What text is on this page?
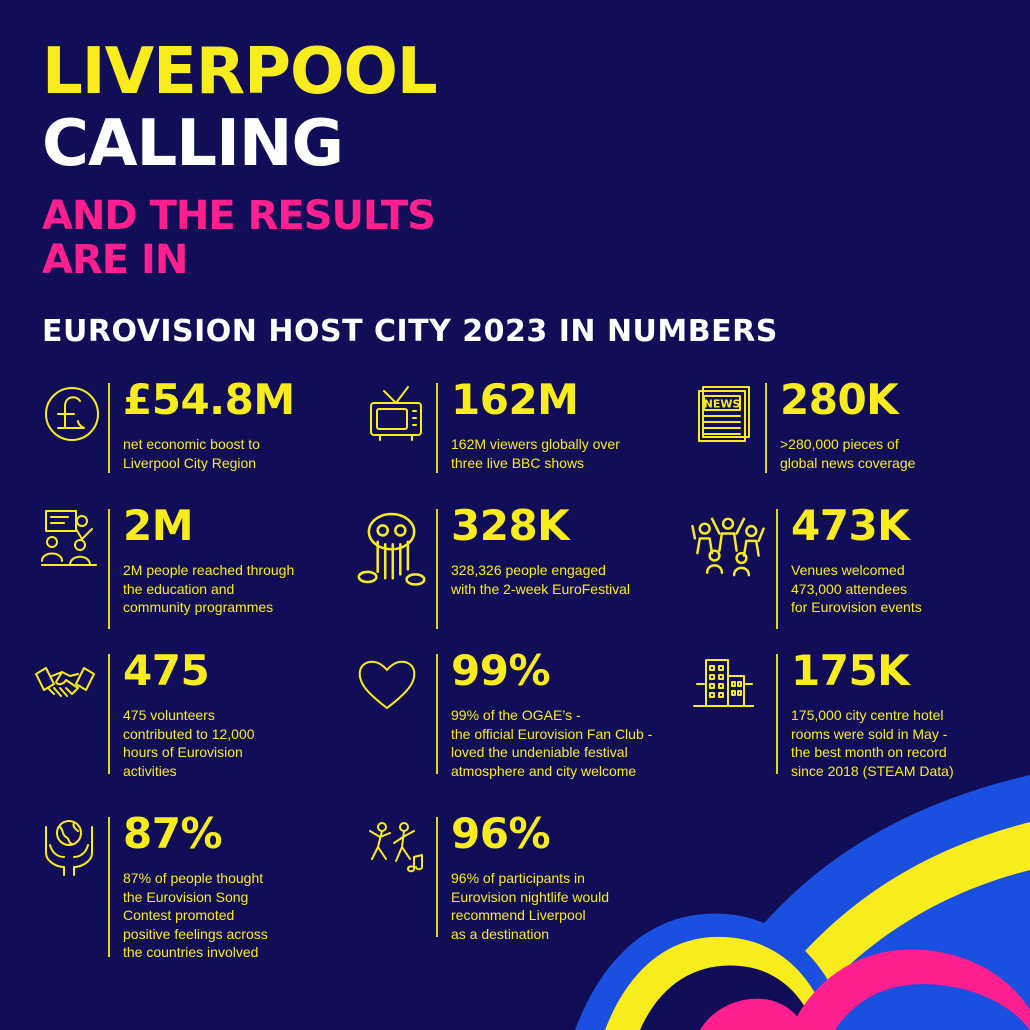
LIVERPOOL
CALLING
AND THE RESULTS
ARE IN
EUROVISION HOST CITY 2023 IN NUMBERS
£54.8M
net economic boost to
Liverpool City Region
162M
162M viewers globally over
three live BBC shows
NEWS 280K
>280,000 pieces of
global news coverage
2M
2M people reached through
the education and
community programmes
328K
328,326 people engaged
with the 2-week EuroFestival
473K
Venues welcomed
473,000 attendees
for Eurovision events
475
475 volunteers
contributed to 12,000
hours of Eurovision
activities
99%
99% of the OGAE’s -
the official Eurovision Fan Club -
loved the undeniable festival
atmosphere and city welcome
175K
175,000 city centre hotel
rooms were sold in May -
the best month on record
since 2018 (STEAM Data)
87%
87% of people thought
the Eurovision Song
Contest promoted
positive feelings across
the countries involved
96%
96% of participants in
Eurovision nightlife would
recommend Liverpool
as a destination
